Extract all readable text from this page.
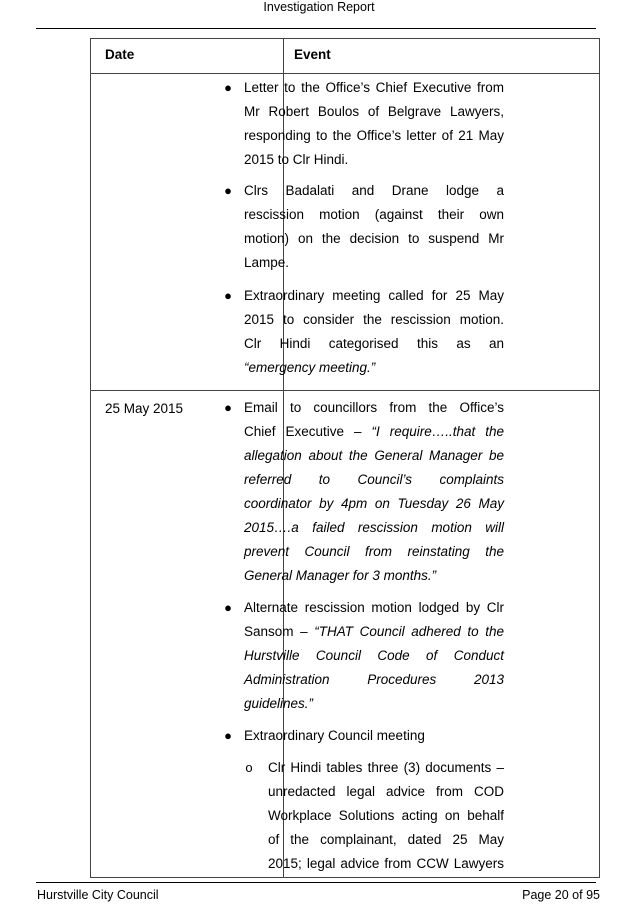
Investigation Report
Date	Event
25 May 2015
● Letter to the Office’s Chief Executive from
Mr Robert Boulos of Belgrave Lawyers,
responding to the Office’s letter of 21 May
2015 to Clr Hindi.
● Clrs Badalati and Drane lodge a
rescission motion (against their own
motion) on the decision to suspend Mr
Lampe.
● Extraordinary meeting called for 25 May
2015 to consider the rescission motion.
Clr Hindi categorised this as an
“emergency meeting.”
● Email to councillors from the Office’s
Chief Executive – “I require…..that the
allegation about the General Manager be
referred to Council’s complaints
coordinator by 4pm on Tuesday 26 May
2015….a failed rescission motion will
prevent Council from reinstating the
General Manager for 3 months.”
● Alternate rescission motion lodged by Clr
Sansom – “THAT Council adhered to the
Hurstville Council Code of Conduct
Administration Procedures 2013
guidelines.”
● Extraordinary Council meeting
o Clr Hindi tables three (3) documents –
unredacted legal advice from COD
Workplace Solutions acting on behalf
of the complainant, dated 25 May
2015; legal advice from CCW Lawyers
Hurstville City Council	Page 20 of 95
